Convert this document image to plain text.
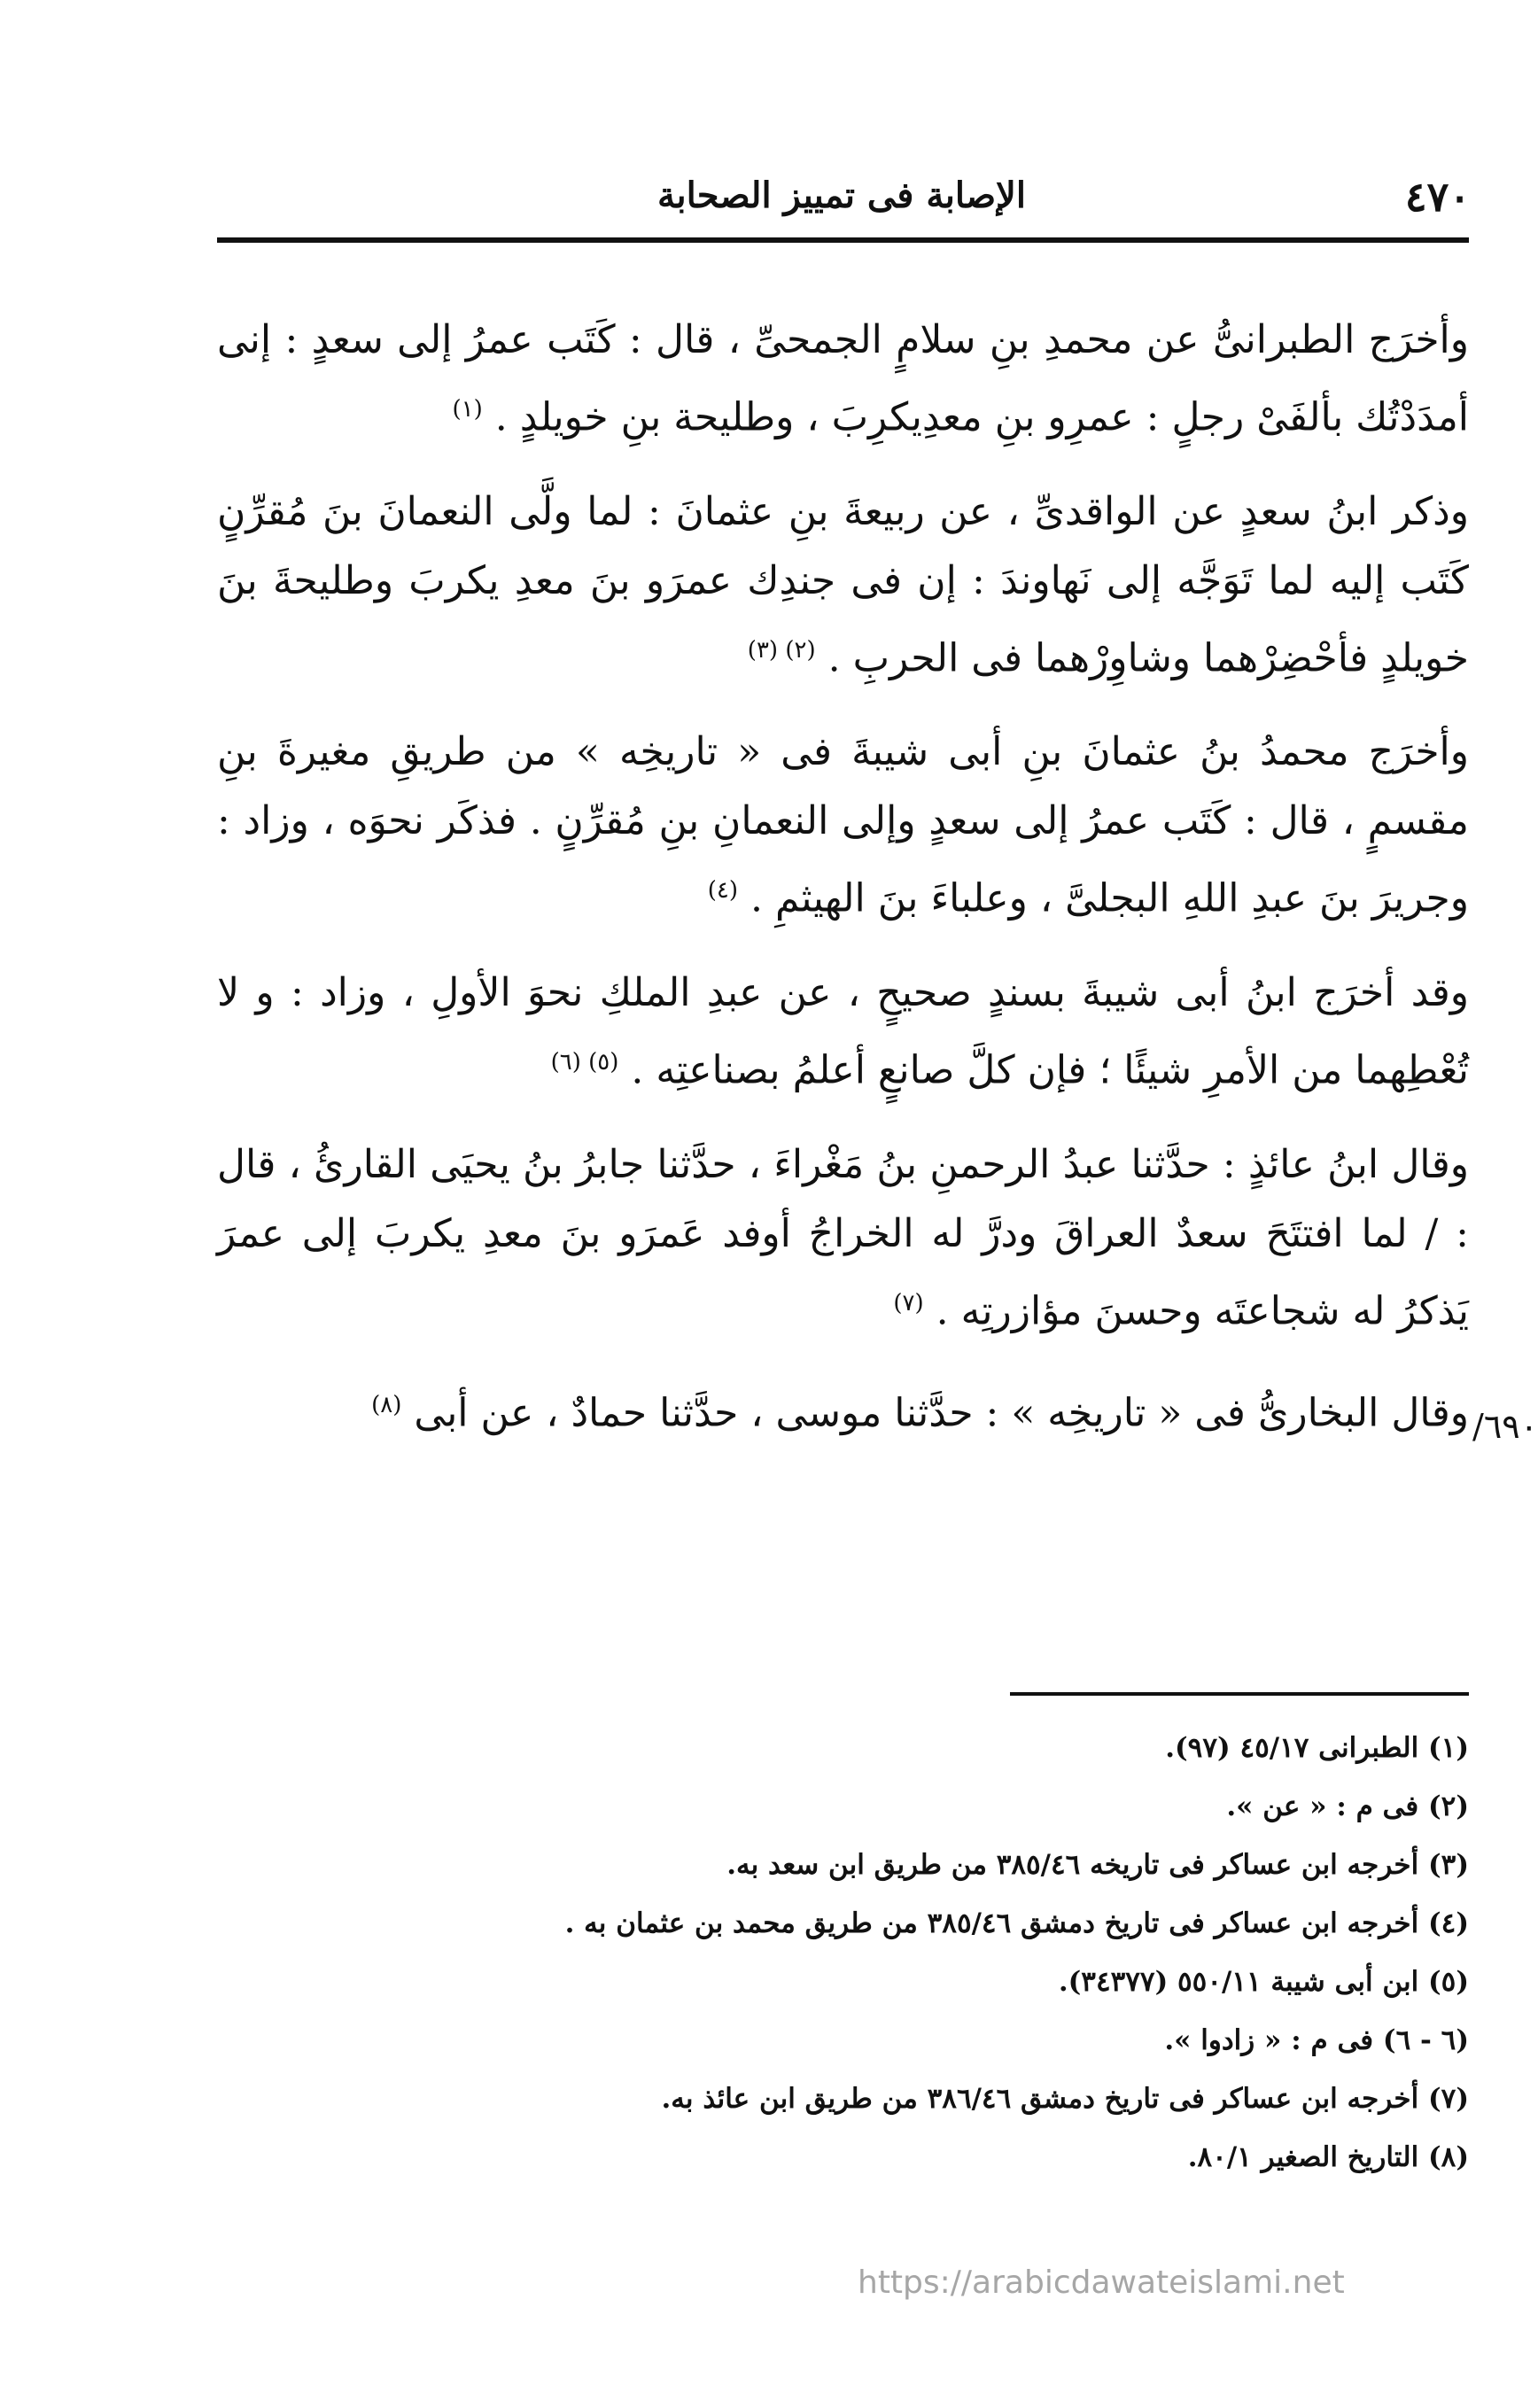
٤٧٠
الإصابة فى تمييز الصحابة

وأخرَج الطبرانىُّ عن محمدِ بنِ سلامٍ الجمحىِّ ، قال : كَتَب عمرُ إلى سعدٍ : إنى أمدَدْتُك بألفَىْ رجلٍ : عمرِو بنِ معدِيكرِبَ ، وطليحة بنِ خويلدٍ . $^{(١)}$

وذكر ابنُ سعدٍ عن الواقدىِّ ، عن ربيعةَ بنِ عثمانَ : لما ولَّى النعمانَ بنَ مُقرِّنٍ كَتَب إليه لما تَوَجَّه إلى نَهاوندَ : إن فى جندِك عمرَو بنَ معدِ يكربَ وطليحةَ بنَ خويلدٍ فأحْضِرْهما وشاوِرْهما فى الحربِ . $^{(٢) (٣)}$

وأخرَج محمدُ بنُ عثمانَ بنِ أبى شيبةَ فى « تاريخِه » من طريقِ مغيرةَ بنِ مقسمٍ ، قال : كَتَب عمرُ إلى سعدٍ وإلى النعمانِ بنِ مُقرِّنٍ . فذكَر نحوَه ، وزاد : وجريرَ بنَ عبدِ اللهِ البجلىَّ ، وعلباءَ بنَ الهيثمِ . $^{(٤)}$

وقد أخرَج ابنُ أبى شيبةَ بسندٍ صحيحٍ ، عن عبدِ الملكِ نحوَ الأولِ ، وزاد : و لا تُعْطِهما من الأمرِ شيئًا ؛ فإن كلَّ صانعٍ أعلمُ بصناعتِه . $^{(٥) (٦)}$

وقال ابنُ عائذٍ : حدَّثنا عبدُ الرحمنِ بنُ مَغْراءَ ، حدَّثنا جابرُ بنُ يحيَى القارئُ ، قال : / لما افتتَحَ سعدٌ العراقَ ودرَّ له الخراجُ أوفد عَمرَو بنَ معدِ يكربَ إلى عمرَ يَذكرُ له شجاعتَه وحسنَ مؤازرتِه . $^{(٧)}$

وقال البخارىُّ فى « تاريخِه » : حدَّثنا موسى ، حدَّثنا حمادٌ ، عن أبى $^{(٨)}$

٦٩٠/

(١) الطبرانى ٤٥/١٧ (٩٧).

(٢) فى م : « عن ».

(٣) أخرجه ابن عساكر فى تاريخه ٣٨٥/٤٦ من طريق ابن سعد به.

(٤) أخرجه ابن عساكر فى تاريخ دمشق ٣٨٥/٤٦ من طريق محمد بن عثمان به .

(٥) ابن أبى شيبة ٥٥٠/١١ (٣٤٣٧٧).

(٦ - ٦) فى م : « زادوا ».

(٧) أخرجه ابن عساكر فى تاريخ دمشق ٣٨٦/٤٦ من طريق ابن عائذ به.

(٨) التاريخ الصغير ٨٠/١.

https://arabicdawateislami.net
